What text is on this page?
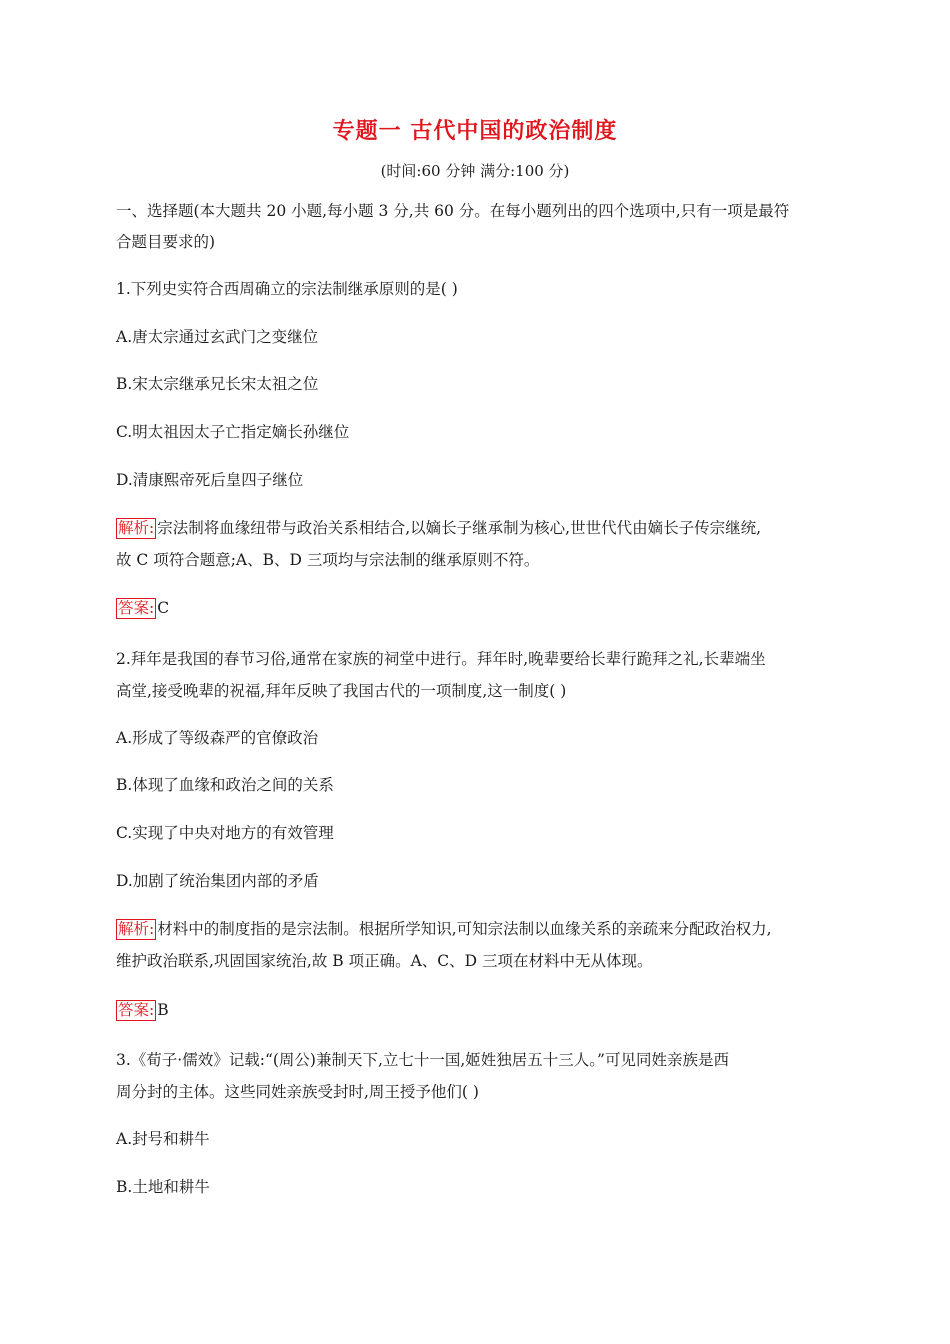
专题一 古代中国的政治制度
(时间:60 分钟 满分:100 分)
一、选择题(本大题共 20 小题,每小题 3 分,共 60 分。在每小题列出的四个选项中,只有一项是最符
合题目要求的)
1.下列史实符合西周确立的宗法制继承原则的是( )
A.唐太宗通过玄武门之变继位
B.宋太宗继承兄长宋太祖之位
C.明太祖因太子亡指定嫡长孙继位
D.清康熙帝死后皇四子继位
解析: 宗法制将血缘纽带与政治关系相结合,以嫡长子继承制为核心,世世代代由嫡长子传宗继统,
故 C 项符合题意;A、B、D 三项均与宗法制的继承原则不符。
答案: C
2.拜年是我国的春节习俗,通常在家族的祠堂中进行。拜年时,晚辈要给长辈行跪拜之礼,长辈端坐
高堂,接受晚辈的祝福,拜年反映了我国古代的一项制度,这一制度( )
A.形成了等级森严的官僚政治
B.体现了血缘和政治之间的关系
C.实现了中央对地方的有效管理
D.加剧了统治集团内部的矛盾
解析: 材料中的制度指的是宗法制。根据所学知识,可知宗法制以血缘关系的亲疏来分配政治权力,
维护政治联系,巩固国家统治,故 B 项正确。A、C、D 三项在材料中无从体现。
答案: B
3.《荀子·儒效》记载:“(周公)兼制天下,立七十一国,姬姓独居五十三人。”可见同姓亲族是西
周分封的主体。这些同姓亲族受封时,周王授予他们( )
A.封号和耕牛
B.土地和耕牛
